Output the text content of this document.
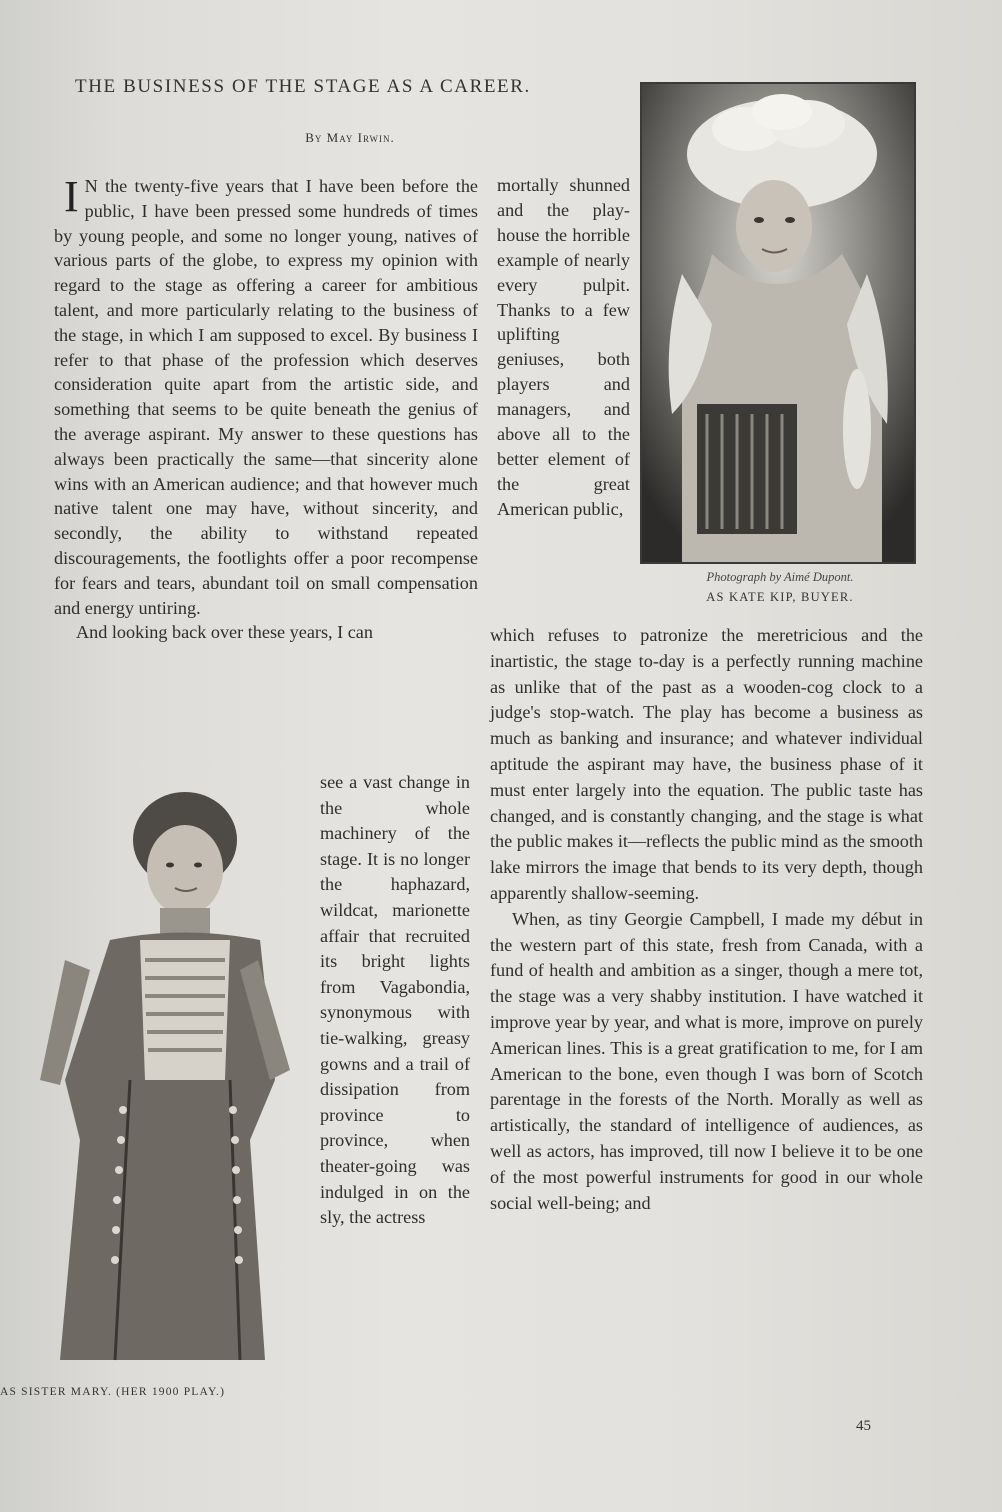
THE BUSINESS OF THE STAGE AS A CAREER.
By May Irwin.

I N the twenty-five years that I have been before the public, I have been pressed some hundreds of times by young people, and some no longer young, natives of various parts of the globe, to express my opinion with regard to the stage as offering a career for ambitious talent, and more particularly relating to the business of the stage, in which I am supposed to excel. By business I refer to that phase of the profession which deserves consideration quite apart from the artistic side, and something that seems to be quite beneath the genius of the average aspirant. My answer to these questions has always been practically the same—that sincerity alone wins with an American audience; and that however much native talent one may have, without sincerity, and secondly, the ability to withstand repeated discouragements, the footlights offer a poor recompense for fears and tears, abundant toil on small compensation and energy untiring.

And looking back over these years, I can

mortally shunned and the play-house the horrible example of nearly every pulpit. Thanks to a few uplifting geniuses, both players and managers, and above all to the better element of the great American public,

Photograph by Aimé Dupont.
AS KATE KIP, BUYER.
AS SISTER MARY. (HER 1900 PLAY.)

see a vast change in the whole machinery of the stage. It is no longer the haphazard, wildcat, marionette affair that recruited its bright lights from Vagabondia, synonymous with tie-walking, greasy gowns and a trail of dissipation from province to province, when theater-going was indulged in on the sly, the actress

which refuses to patronize the meretricious and the inartistic, the stage to-day is a perfectly running machine as unlike that of the past as a wooden-cog clock to a judge's stop-watch. The play has become a business as much as banking and insurance; and whatever individual aptitude the aspirant may have, the business phase of it must enter largely into the equation. The public taste has changed, and is constantly changing, and the stage is what the public makes it—reflects the public mind as the smooth lake mirrors the image that bends to its very depth, though apparently shallow-seeming.

When, as tiny Georgie Campbell, I made my début in the western part of this state, fresh from Canada, with a fund of health and ambition as a singer, though a mere tot, the stage was a very shabby institution. I have watched it improve year by year, and what is more, improve on purely American lines. This is a great gratification to me, for I am American to the bone, even though I was born of Scotch parentage in the forests of the North. Morally as well as artistically, the standard of intelligence of audiences, as well as actors, has improved, till now I believe it to be one of the most powerful instruments for good in our whole social well-being; and

45
